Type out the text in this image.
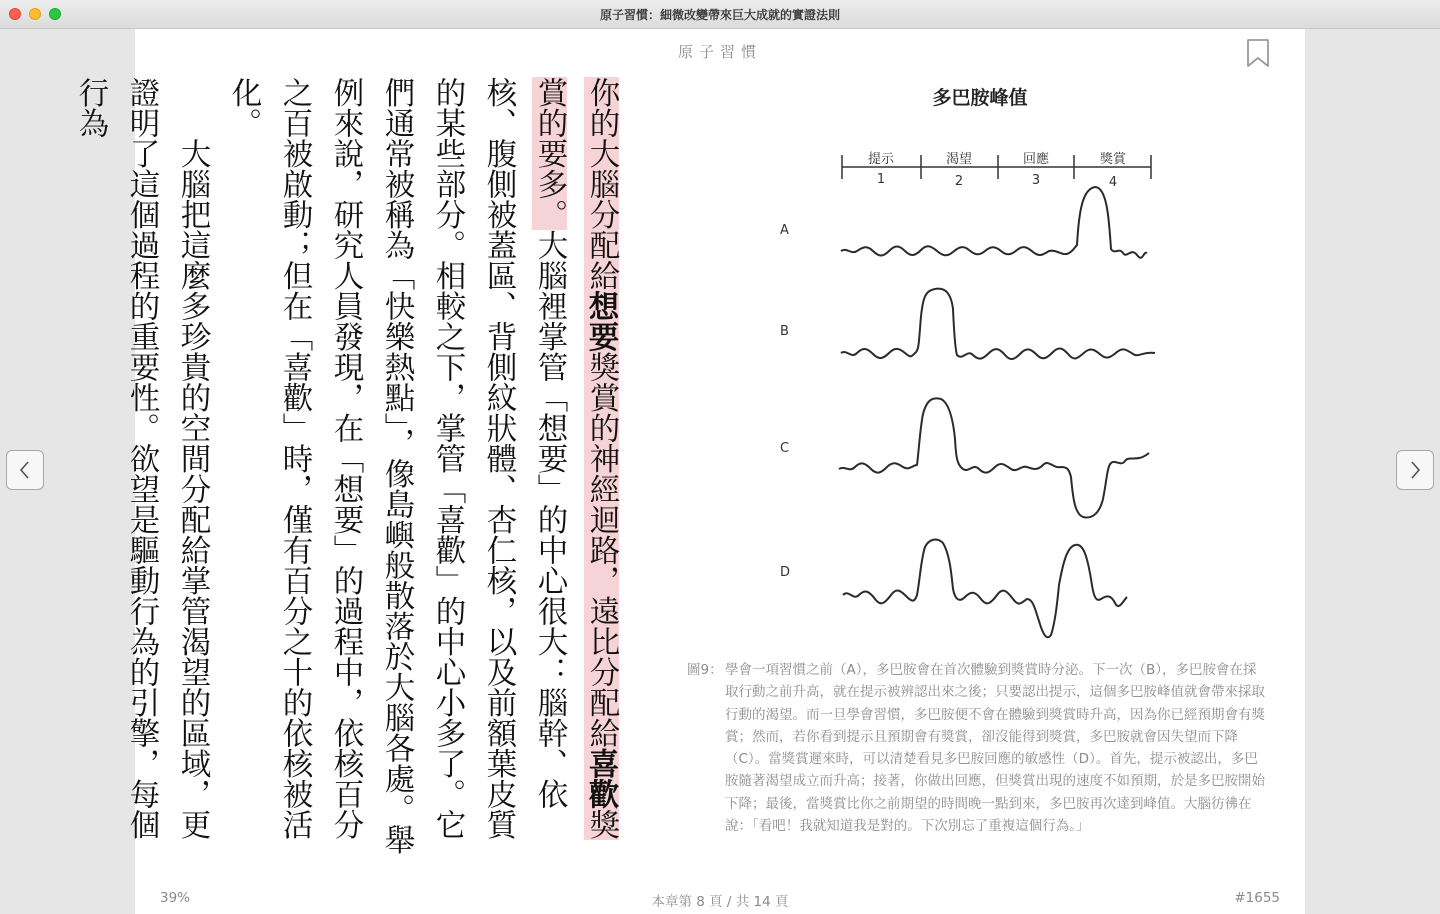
原子習慣：細微改變帶來巨大成就的實證法則
原子習慣

你的大腦分配給想要獎賞的神經迴路，遠比分配給喜歡獎賞的要多。大腦裡掌管「想要」的中心很大：腦幹、依核、腹側被蓋區、背側紋狀體、杏仁核，以及前額葉皮質的某些部分。相較之下，掌管「喜歡」的中心小多了。它們通常被稱為「快樂熱點」，像島嶼般散落於大腦各處。舉例來說，研究人員發現，在「想要」的過程中，依核百分之百被啟動；但在「喜歡」時，僅有百分之十的依核被活化。

大腦把這麼多珍貴的空間分配給掌管渴望的區域，更證明了這個過程的重要性。欲望是驅動行為的引擎，每個行為	多巴胺峰值
提示	渴望	回應	獎賞
1	2	3	4
A
B
C
D
圖9： 學會一項習慣之前（A），多巴胺會在首次體驗到獎賞時分泌。下一次（B），多巴胺會在採取行動之前升高，就在提示被辨認出來之後；只要認出提示，這個多巴胺峰值就會帶來採取行動的渴望。而一旦學會習慣，多巴胺便不會在體驗到獎賞時升高，因為你已經預期會有獎賞；然而，若你看到提示且預期會有獎賞，卻沒能得到獎賞，多巴胺就會因失望而下降（C）。當獎賞遲來時，可以清楚看見多巴胺回應的敏感性（D）。首先，提示被認出，多巴胺隨著渴望成立而升高；接著，你做出回應，但獎賞出現的速度不如預期，於是多巴胺開始下降；最後，當獎賞比你之前期望的時間晚一點到來，多巴胺再次達到峰值。大腦彷彿在說：「看吧！我就知道我是對的。下次別忘了重複這個行為。」
39%	本章第 8 頁 / 共 14 頁	#1655
